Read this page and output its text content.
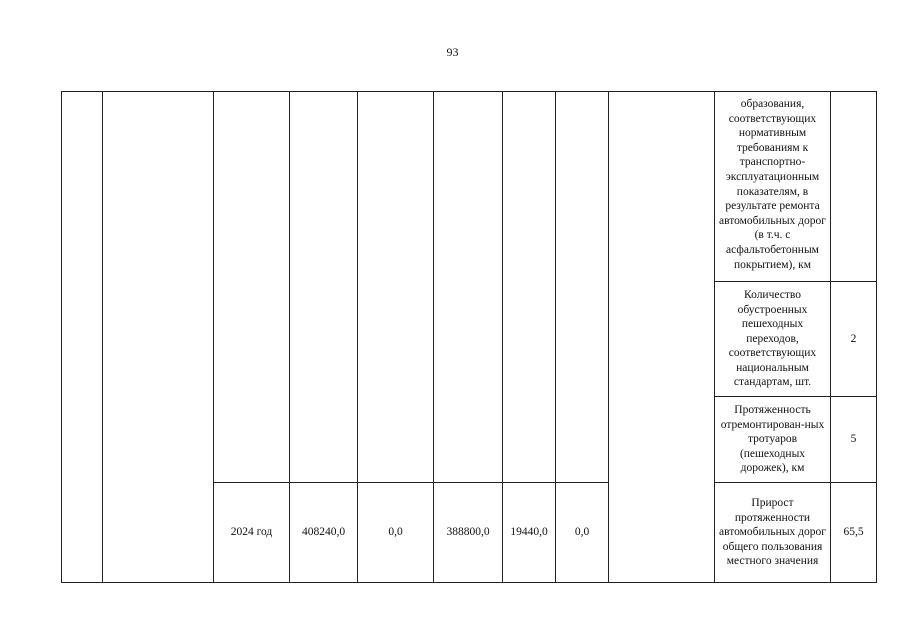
93
									образования, соответствующих нормативным требованиям к транспортно-эксплуатационным показателям, в результате ремонта автомобильных дорог (в т.ч. с асфальтобетонным покрытием), км	
									Количество обустроенных пешеходных переходов, соответствующих национальным стандартам, шт.	2
									Протяженность отремонтирован-ных тротуаров (пешеходных дорожек), км	5
		2024 год	408240,0	0,0	388800,0	19440,0	0,0		Прирост протяженности автомобильных дорог общего пользования местного значения	65,5
